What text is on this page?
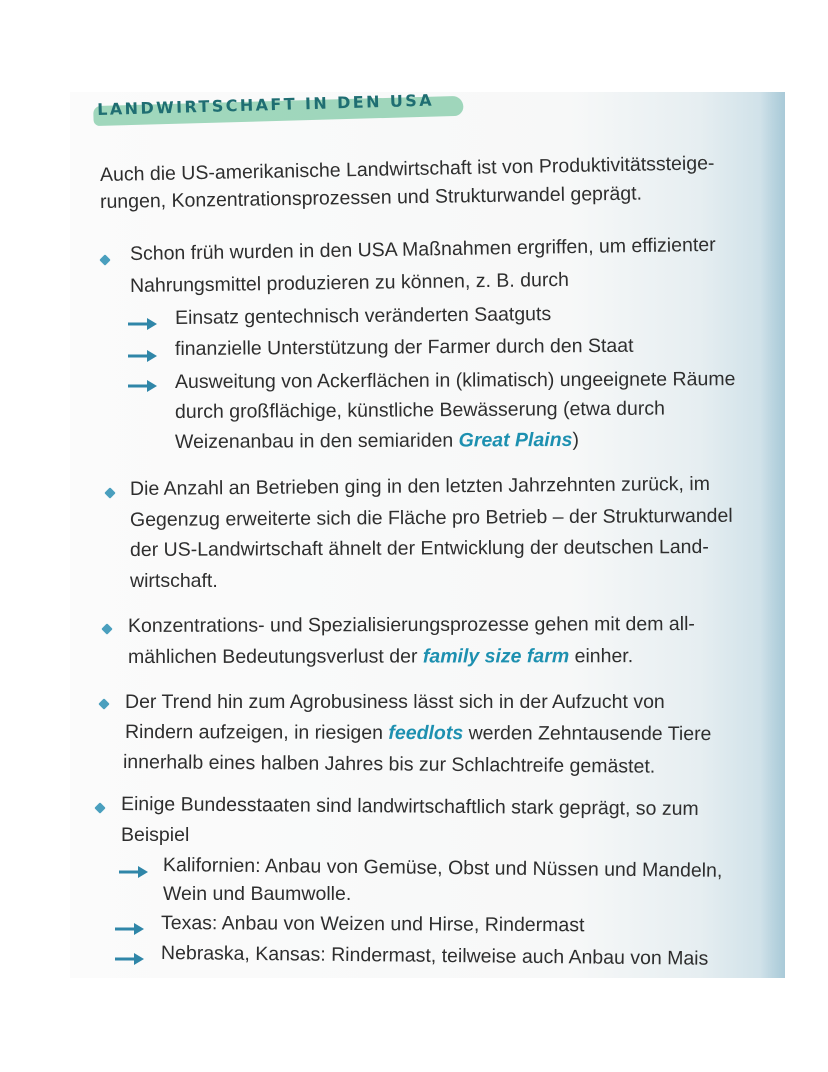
LANDWIRTSCHAFT IN DEN USA
Auch die US-amerikanische Landwirtschaft ist von Produktivitätssteige-
rungen, Konzentrationsprozessen und Strukturwandel geprägt.
Schon früh wurden in den USA Maßnahmen ergriffen, um effizienter
Nahrungsmittel produzieren zu können, z. B. durch
Einsatz gentechnisch veränderten Saatguts
finanzielle Unterstützung der Farmer durch den Staat
Ausweitung von Ackerflächen in (klimatisch) ungeeignete Räume
durch großflächige, künstliche Bewässerung (etwa durch
Weizenanbau in den semiariden Great Plains)
Die Anzahl an Betrieben ging in den letzten Jahrzehnten zurück, im
Gegenzug erweiterte sich die Fläche pro Betrieb – der Strukturwandel
der US-Landwirtschaft ähnelt der Entwicklung der deutschen Land-
wirtschaft.
Konzentrations- und Spezialisierungsprozesse gehen mit dem all-
mählichen Bedeutungsverlust der family size farm einher.
Der Trend hin zum Agrobusiness lässt sich in der Aufzucht von
Rindern aufzeigen, in riesigen feedlots werden Zehntausende Tiere
innerhalb eines halben Jahres bis zur Schlachtreife gemästet.
Einige Bundesstaaten sind landwirtschaftlich stark geprägt, so zum
Beispiel
Kalifornien: Anbau von Gemüse, Obst und Nüssen und Mandeln,
Wein und Baumwolle.
Texas: Anbau von Weizen und Hirse, Rindermast
Nebraska, Kansas: Rindermast, teilweise auch Anbau von Mais
